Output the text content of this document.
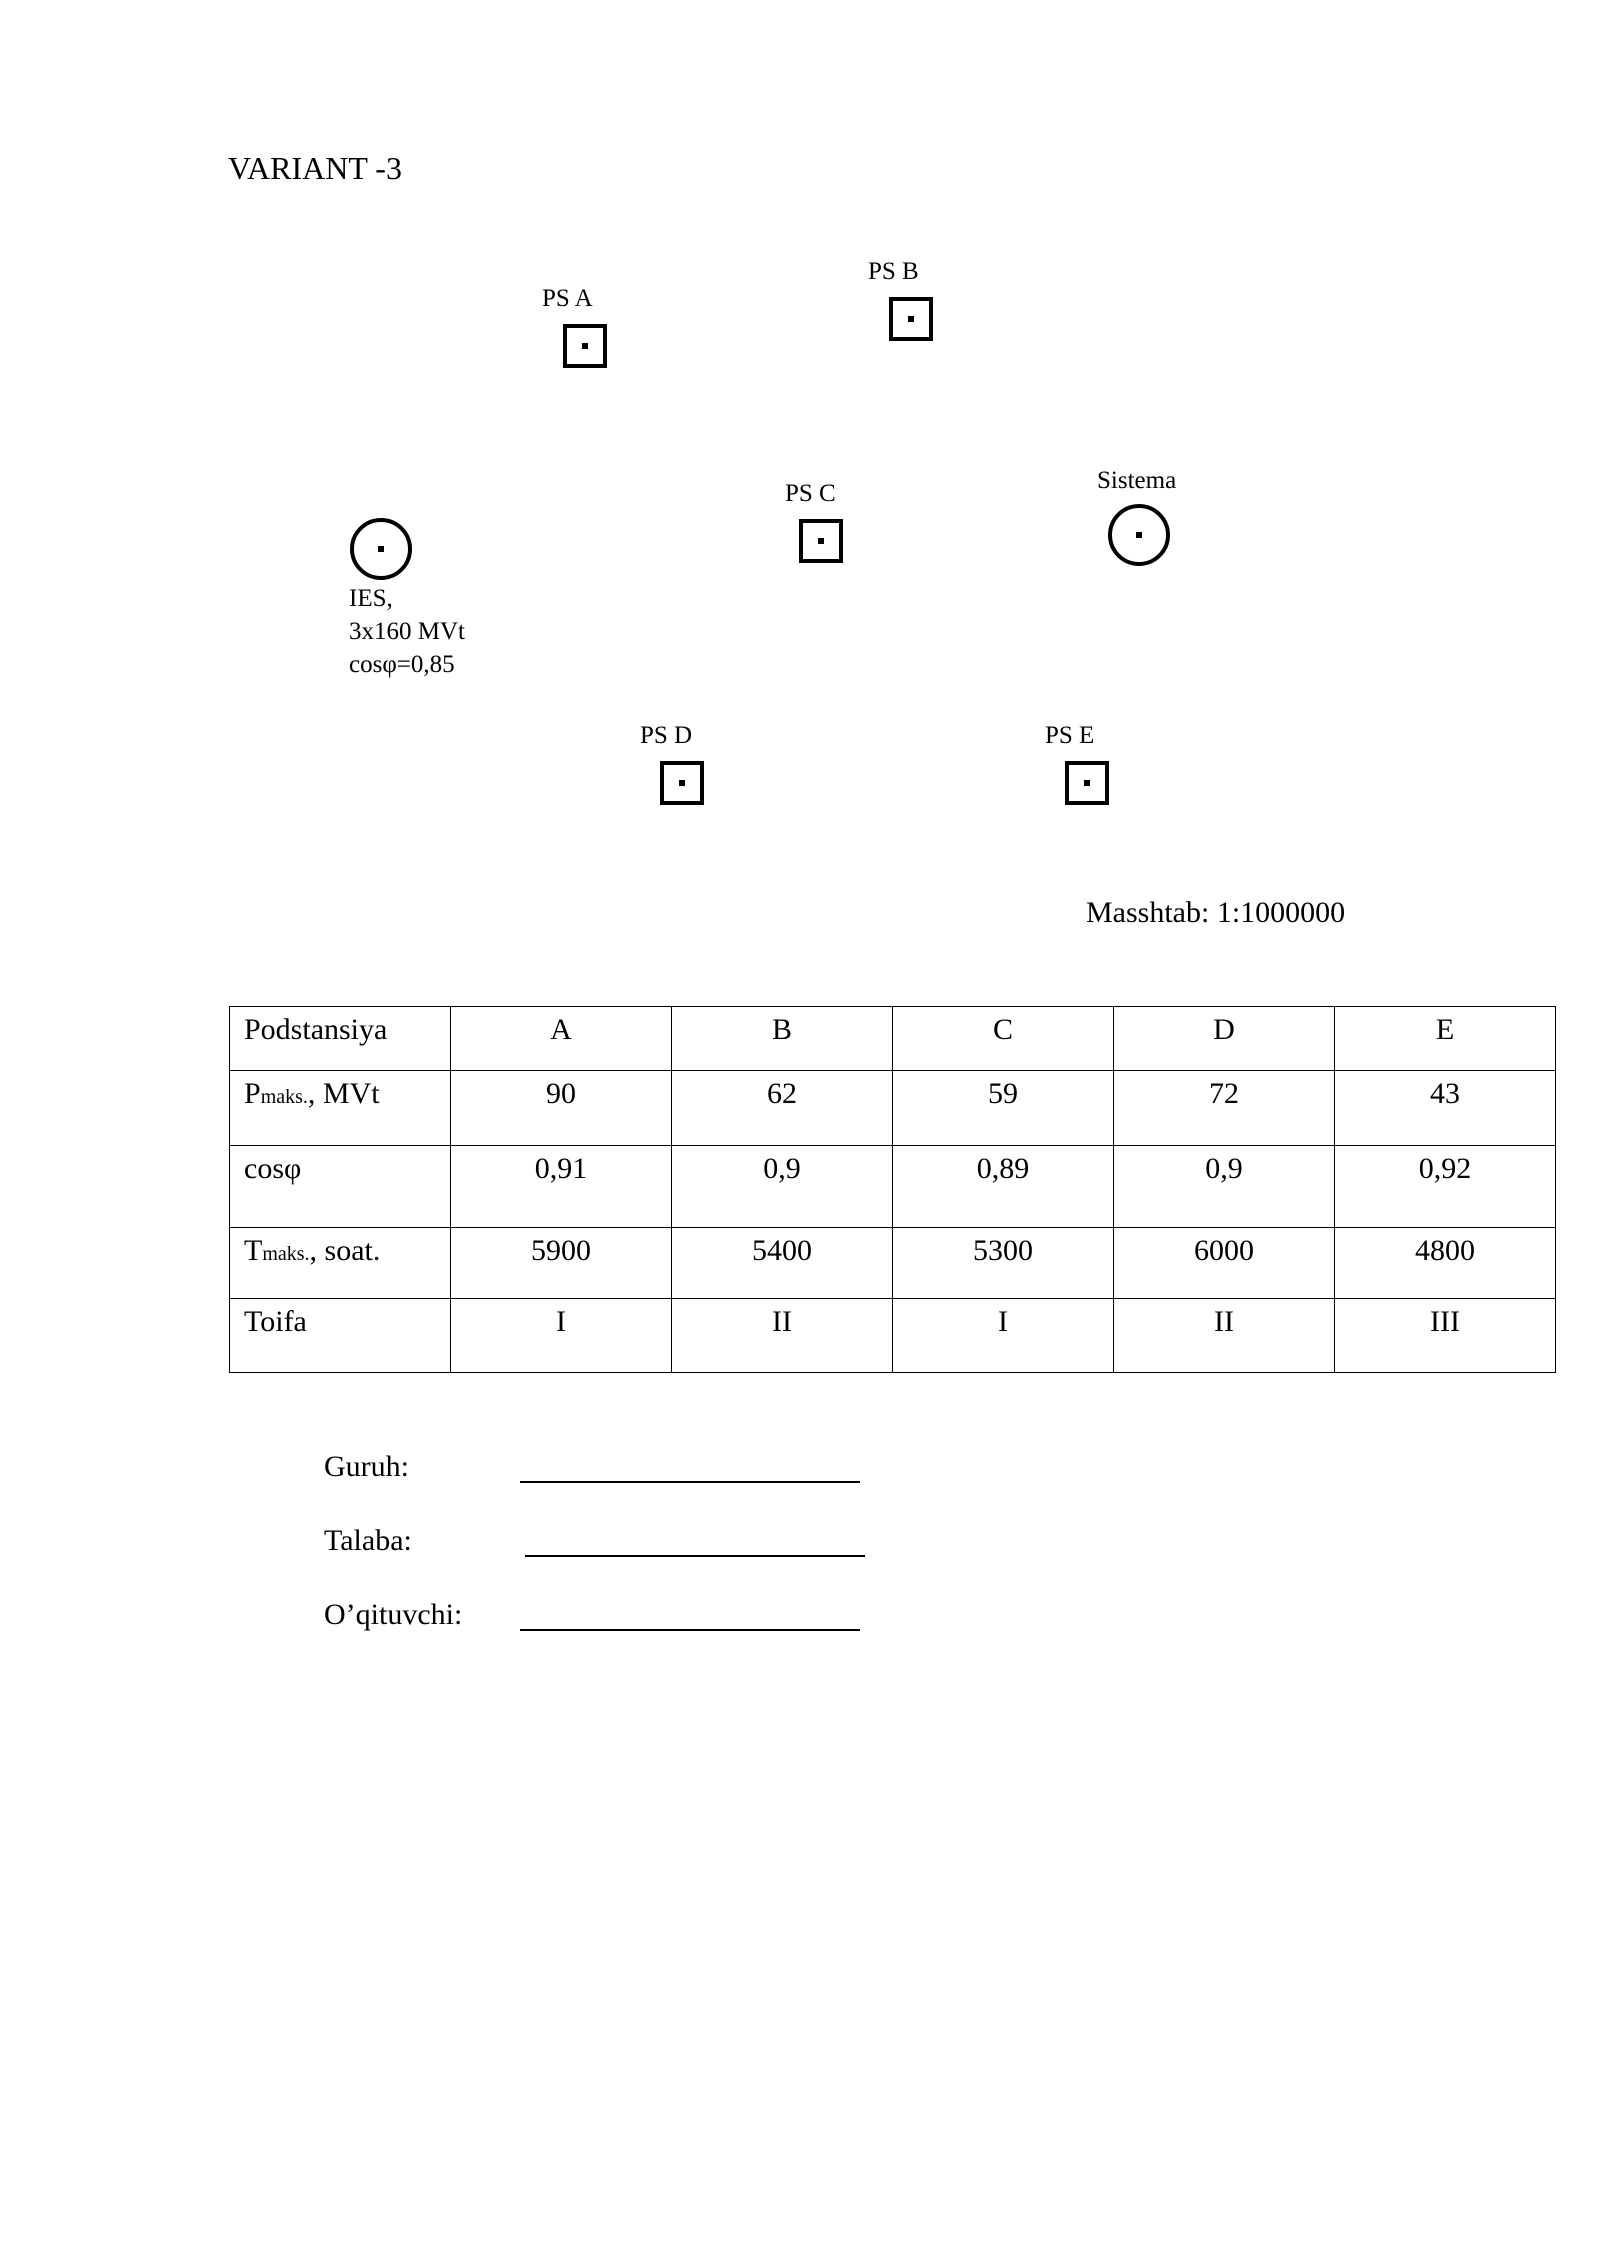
VARIANT -3
PS A
PS B
PS C	Sistema
IES,
3x160 MVt
cosφ=0,85
PS D	PS E
Masshtab: 1:1000000
Podstansiya	A	B	C	D	E
Pmaks., MVt	90	62	59	72	43
cosφ	0,91	0,9	0,89	0,9	0,92
Tmaks., soat.	5900	5400	5300	6000	4800
Toifa	I	II	I	II	III
Guruh:
Talaba:
O’qituvchi:
